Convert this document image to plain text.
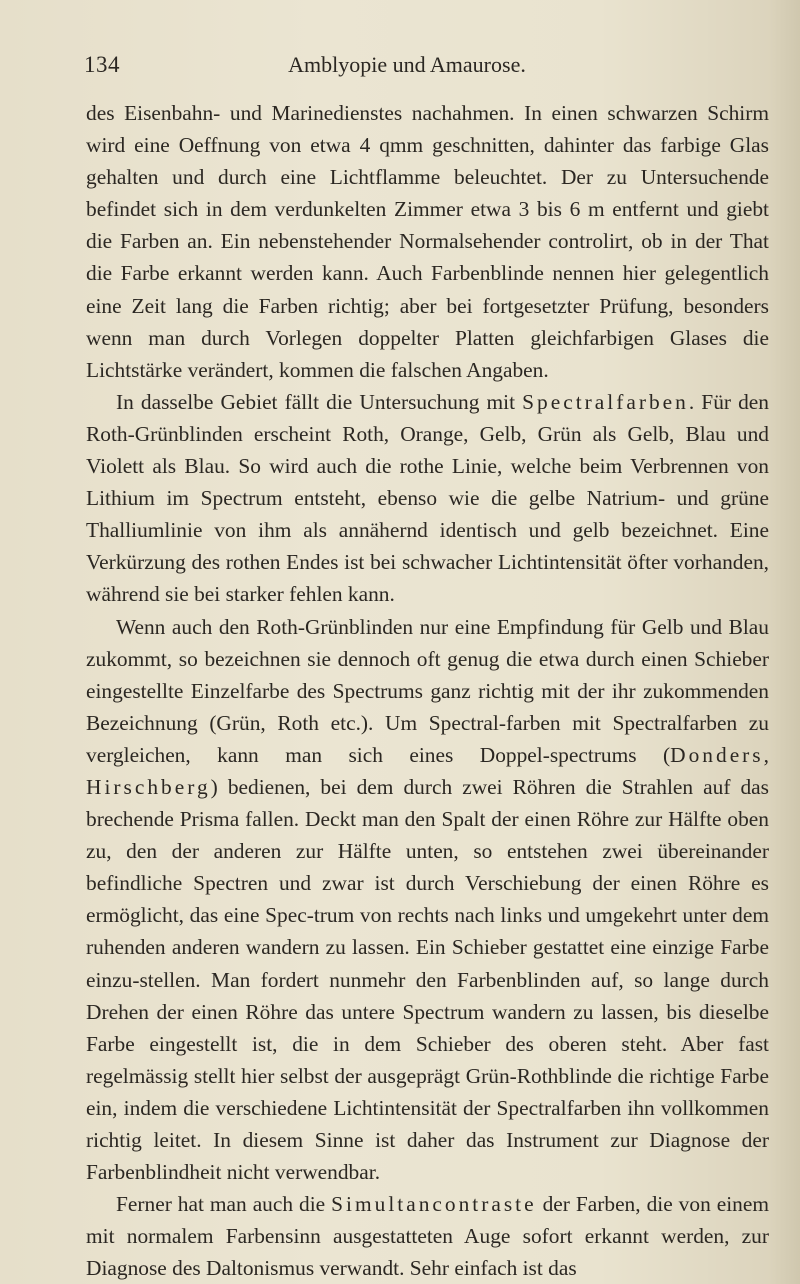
134	Amblyopie und Amaurose.

des Eisenbahn- und Marinedienstes nachahmen. In einen schwarzen Schirm wird eine Oeffnung von etwa 4 qmm geschnitten, dahinter das farbige Glas gehalten und durch eine Lichtflamme beleuchtet. Der zu Untersuchende befindet sich in dem verdunkelten Zimmer etwa 3 bis 6 m entfernt und giebt die Farben an. Ein nebenstehender Normalsehender controlirt, ob in der That die Farbe erkannt werden kann. Auch Farbenblinde nennen hier gelegentlich eine Zeit lang die Farben richtig; aber bei fortgesetzter Prüfung, besonders wenn man durch Vorlegen doppelter Platten gleichfarbigen Glases die Lichtstärke verändert, kommen die falschen Angaben.

In dasselbe Gebiet fällt die Untersuchung mit Spectralfarben. Für den Roth-Grünblinden erscheint Roth, Orange, Gelb, Grün als Gelb, Blau und Violett als Blau. So wird auch die rothe Linie, welche beim Verbrennen von Lithium im Spectrum entsteht, ebenso wie die gelbe Natrium- und grüne Thalliumlinie von ihm als annähernd identisch und gelb bezeichnet. Eine Verkürzung des rothen Endes ist bei schwacher Lichtintensität öfter vorhanden, während sie bei starker fehlen kann.

Wenn auch den Roth-Grünblinden nur eine Empfindung für Gelb und Blau zukommt, so bezeichnen sie dennoch oft genug die etwa durch einen Schieber eingestellte Einzelfarbe des Spectrums ganz richtig mit der ihr zukommenden Bezeichnung (Grün, Roth etc.). Um Spectral-farben mit Spectralfarben zu vergleichen, kann man sich eines Doppel-spectrums (Donders, Hirschberg) bedienen, bei dem durch zwei Röhren die Strahlen auf das brechende Prisma fallen. Deckt man den Spalt der einen Röhre zur Hälfte oben zu, den der anderen zur Hälfte unten, so entstehen zwei übereinander befindliche Spectren und zwar ist durch Verschiebung der einen Röhre es ermöglicht, das eine Spec-trum von rechts nach links und umgekehrt unter dem ruhenden anderen wandern zu lassen. Ein Schieber gestattet eine einzige Farbe einzu-stellen. Man fordert nunmehr den Farbenblinden auf, so lange durch Drehen der einen Röhre das untere Spectrum wandern zu lassen, bis dieselbe Farbe eingestellt ist, die in dem Schieber des oberen steht. Aber fast regelmässig stellt hier selbst der ausgeprägt Grün-Rothblinde die richtige Farbe ein, indem die verschiedene Lichtintensität der Spectralfarben ihn vollkommen richtig leitet. In diesem Sinne ist daher das Instrument zur Diagnose der Farbenblindheit nicht verwendbar.

Ferner hat man auch die Simultancontraste der Farben, die von einem mit normalem Farbensinn ausgestatteten Auge sofort erkannt werden, zur Diagnose des Daltonismus verwandt. Sehr einfach ist das
